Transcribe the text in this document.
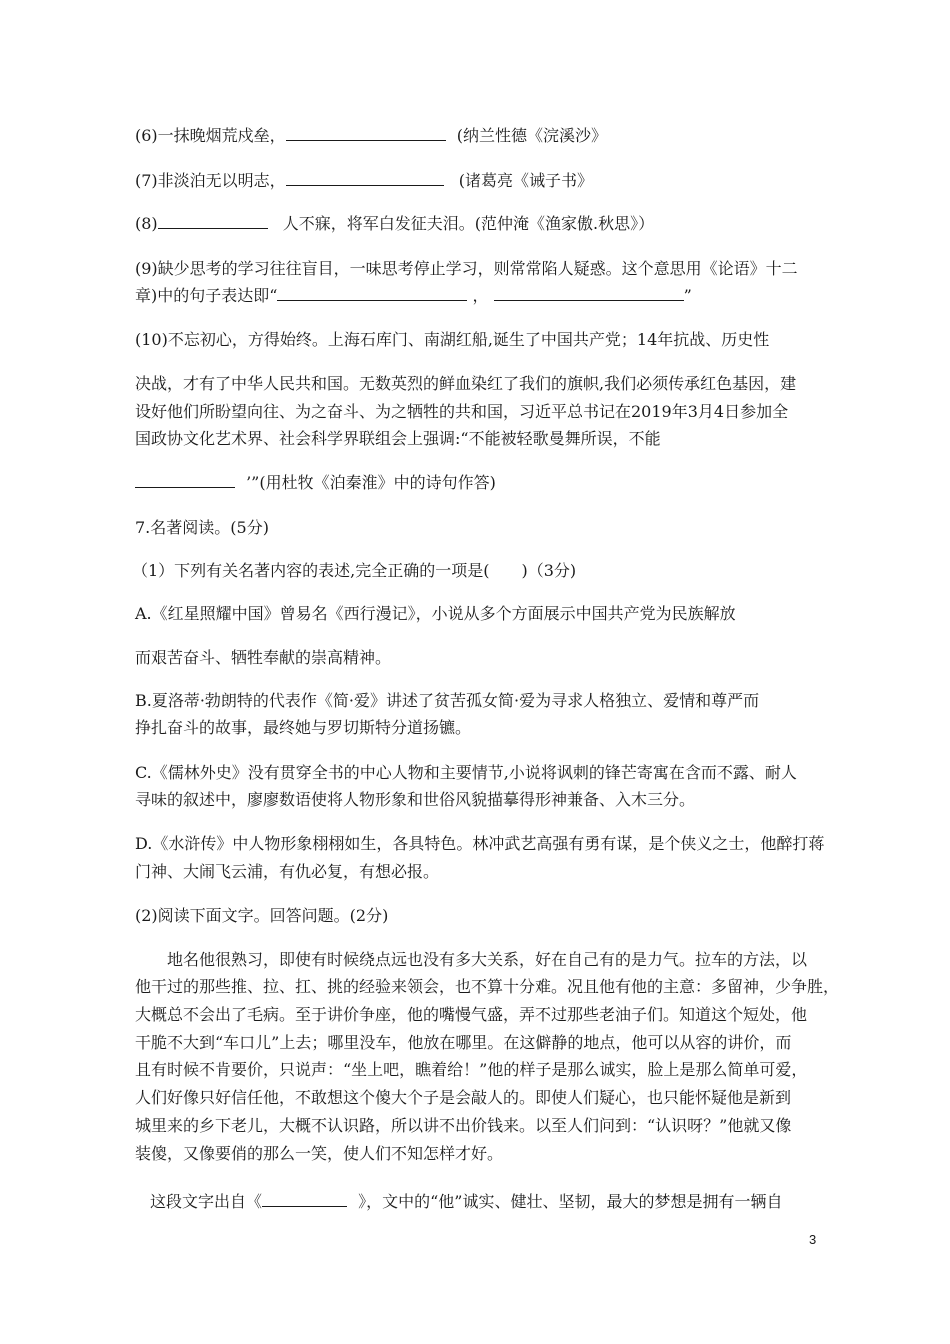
(6)一抹晚烟荒戍垒，	(纳兰性德《浣溪沙》
(7)非淡泊无以明志，	(诸葛亮《诫子书》
(8)	人不寐，将军白发征夫泪。(范仲淹《渔家傲.秋思》）
(9)缺少思考的学习往往盲目，一味思考停止学习，则常常陷人疑惑。这个意思用《论语》十二
章)中的句子表达即“	，	”
(10)不忘初心，方得始终。上海石库门、南湖红船,诞生了中国共产党；14年抗战、历史性
决战，才有了中华人民共和国。无数英烈的鲜血染红了我们的旗帜,我们必须传承红色基因，建
设好他们所盼望向往、为之奋斗、为之牺牲的共和国，习近平总书记在2019年3月4日参加全
国政协文化艺术界、社会科学界联组会上强调:“不能被轻歌曼舞所误，不能
’”(用杜牧《泊秦淮》中的诗句作答)
7.名著阅读。(5分)
（1）下列有关名著内容的表述,完全正确的一项是(　　)（3分)
A.《红星照耀中国》曾易名《西行漫记》，小说从多个方面展示中国共产党为民族解放
而艰苦奋斗、牺牲奉献的崇高精神。
B.夏洛蒂·勃朗特的代表作《简·爱》讲述了贫苦孤女简·爱为寻求人格独立、爱情和尊严而
挣扎奋斗的故事，最终她与罗切斯特分道扬镳。
C.《儒林外史》没有贯穿全书的中心人物和主要情节,小说将讽刺的锋芒寄寓在含而不露、耐人
寻味的叙述中，廖廖数语使将人物形象和世俗风貌描摹得形神兼备、入木三分。
D.《水浒传》中人物形象栩栩如生，各具特色。林冲武艺高强有勇有谋，是个侠义之士，他醉打蒋
门神、大闹飞云浦，有仇必复，有想必报。
(2)阅读下面文字。回答问题。(2分)
地名他很熟习，即使有时候绕点远也没有多大关系，好在自己有的是力气。拉车的方法，以
他干过的那些推、拉、扛、挑的经验来领会，也不算十分难。况且他有他的主意：多留神，少争胜，
大概总不会出了毛病。至于讲价争座，他的嘴慢气盛，弄不过那些老油子们。知道这个短处，他
干脆不大到“车口儿”上去；哪里没车，他放在哪里。在这僻静的地点，他可以从容的讲价，而
且有时候不肯要价，只说声：“坐上吧，瞧着给！”他的样子是那么诚实，脸上是那么简单可爱，
人们好像只好信任他，不敢想这个傻大个子是会敲人的。即使人们疑心，也只能怀疑他是新到
城里来的乡下老儿，大概不认识路，所以讲不出价钱来。以至人们问到：“认识呀？”他就又像
装傻，又像要俏的那么一笑，使人们不知怎样才好。
这段文字出自《	》，文中的“他”诚实、健壮、坚韧，最大的梦想是拥有一辆自
3
